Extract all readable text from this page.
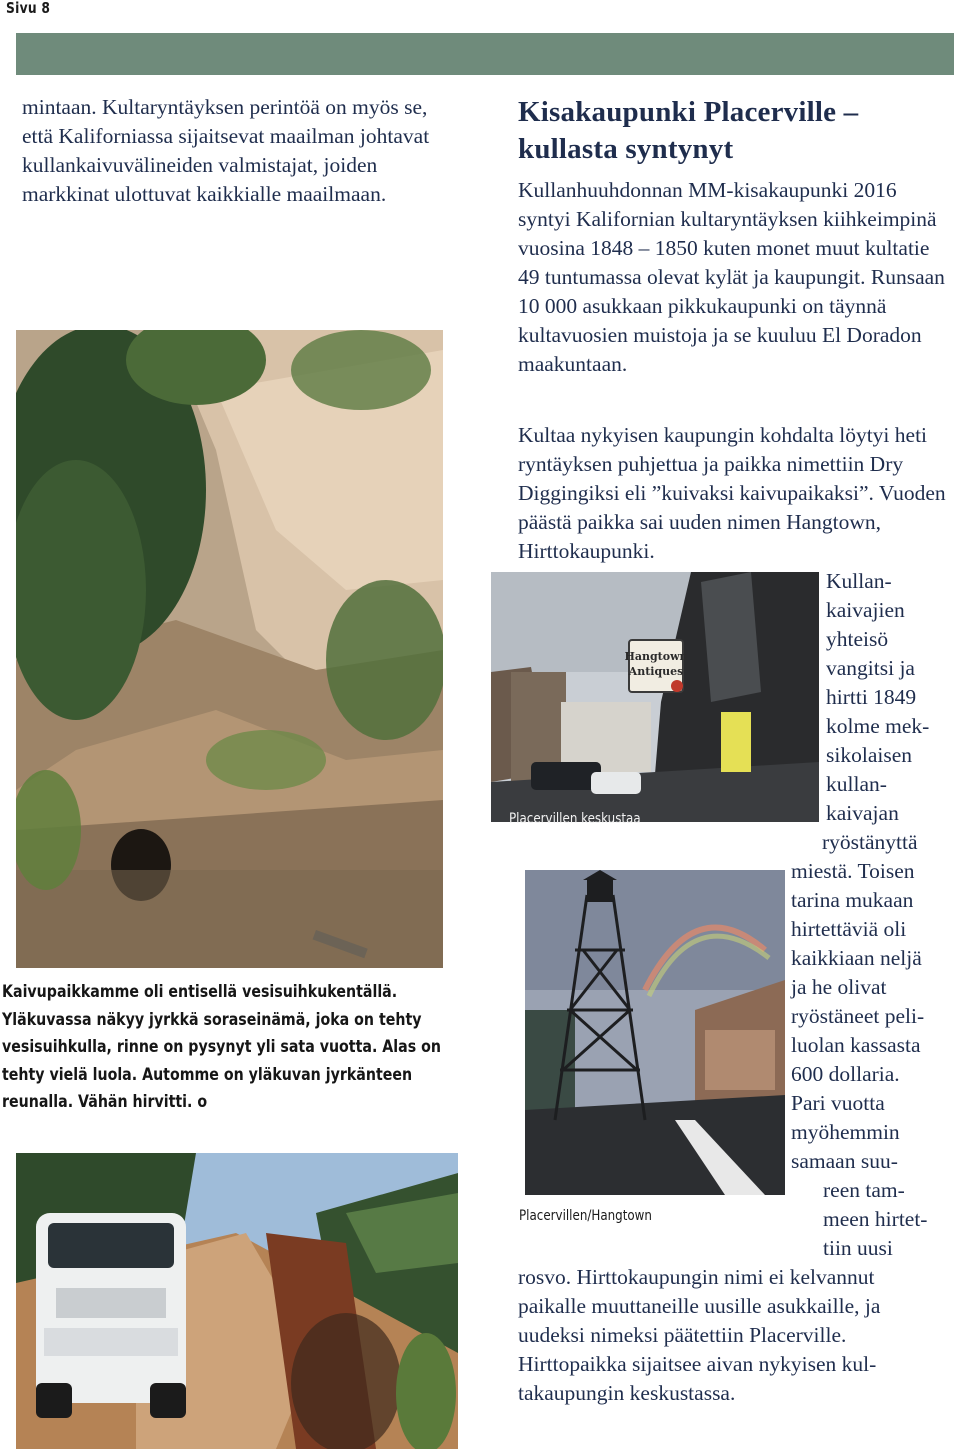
Sivu 8

mintaan. Kultaryntäyksen perintöä on myös se, että Kaliforniassa sijaitsevat maailman johtavat kullankaivuvälineiden valmistajat, joiden markkinat ulottuvat kaikkialle maailmaan.

Kisakaupunki Placerville – kullasta syntynyt

Kullanhuuhdonnan MM-kisakaupunki 2016 syntyi Kalifornian kultaryntäyksen kiihkeimpinä vuosina 1848 – 1850 kuten monet muut kultatie 49 tuntumassa olevat kylät ja kaupungit. Runsaan 10 000 asukkaan pikkukaupunki on täynnä kultavuosien muistoja ja se kuuluu El Doradon maakuntaan.

Kultaa nykyisen kaupungin kohdalta löytyi heti ryntäyksen puhjettua ja paikka nimettiin Dry Diggingiksi eli ”kuivaksi kaivupaikaksi”. Vuoden päästä paikka sai uuden nimen Hangtown, Hirttokaupunki.

Kaivupaikkamme oli entisellä vesisuihkukentällä. Yläkuvassa näkyy jyrkkä soraseinämä, joka on tehty vesisuihkulla, rinne on pysynyt yli sata vuotta. Alas on tehty vielä luola. Automme on yläkuvan jyrkänteen reunalla. Vähän hirvitti. o

Hangtown
Antiques
Placervillen keskustaa
Placervillen/Hangtown
Kullan-
kaivajien
yhteisö
vangitsi ja
hirtti 1849
kolme mek-
sikolaisen
kullan-
kaivajan
ryöstänyttä
miestä. Toisen
tarina mukaan
hirtettäviä oli
kaikkiaan neljä
ja he olivat
ryöstäneet peli-
luolan kassasta
600 dollaria.
Pari vuotta
myöhemmin
samaan suu-
reen tam-
meen hirtet-
tiin uusi
rosvo. Hirttokaupungin nimi ei kelvannut
paikalle muuttaneille uusille asukkaille, ja
uudeksi nimeksi päätettiin Placerville.
Hirttopaikka sijaitsee aivan nykyisen kul-
takaupungin keskustassa.
